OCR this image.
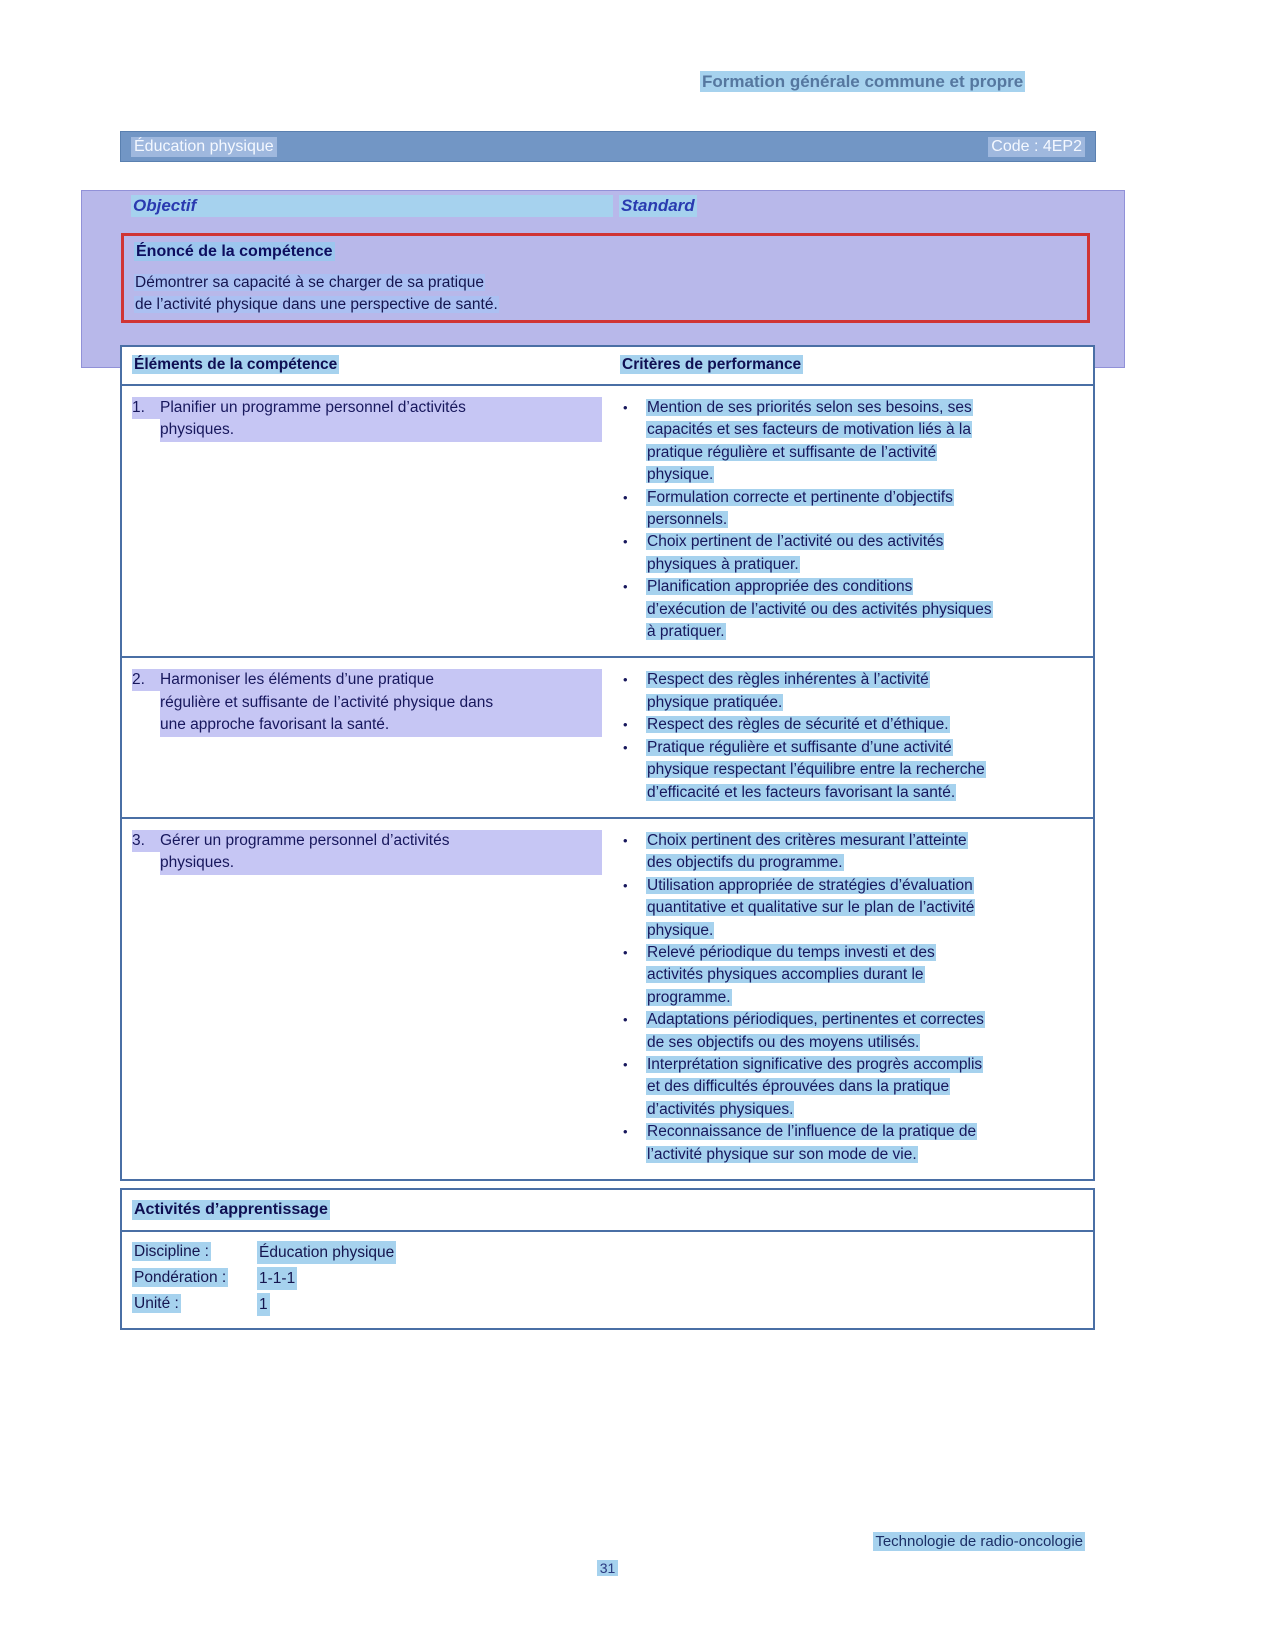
Formation générale commune et propre
Éducation physique	Code : 4EP2
Objectif	Standard
Énoncé de la compétence
Démontrer sa capacité à se charger de sa pratique
de l’activité physique dans une perspective de santé.
Éléments de la compétence	Critères de performance
1. Planifier un programme personnel d’activités
physiques.
•	Mention de ses priorités selon ses besoins, ses
capacités et ses facteurs de motivation liés à la
pratique régulière et suffisante de l’activité
physique.
•	Formulation correcte et pertinente d’objectifs
personnels.
•	Choix pertinent de l’activité ou des activités
physiques à pratiquer.
•	Planification appropriée des conditions
d’exécution de l’activité ou des activités physiques
à pratiquer.
2. Harmoniser les éléments d’une pratique
régulière et suffisante de l’activité physique dans
une approche favorisant la santé.
•	Respect des règles inhérentes à l’activité
physique pratiquée.
•	Respect des règles de sécurité et d’éthique.
•	Pratique régulière et suffisante d’une activité
physique respectant l’équilibre entre la recherche
d’efficacité et les facteurs favorisant la santé.
3. Gérer un programme personnel d’activités
physiques.
•	Choix pertinent des critères mesurant l’atteinte
des objectifs du programme.
•	Utilisation appropriée de stratégies d’évaluation
quantitative et qualitative sur le plan de l’activité
physique.
•	Relevé périodique du temps investi et des
activités physiques accomplies durant le
programme.
•	Adaptations périodiques, pertinentes et correctes
de ses objectifs ou des moyens utilisés.
•	Interprétation significative des progrès accomplis
et des difficultés éprouvées dans la pratique
d’activités physiques.
•	Reconnaissance de l’influence de la pratique de
l’activité physique sur son mode de vie.
Activités d’apprentissage
Discipline :	Éducation physique
Pondération : 1-1-1
Unité :	1
Technologie de radio-oncologie
31
